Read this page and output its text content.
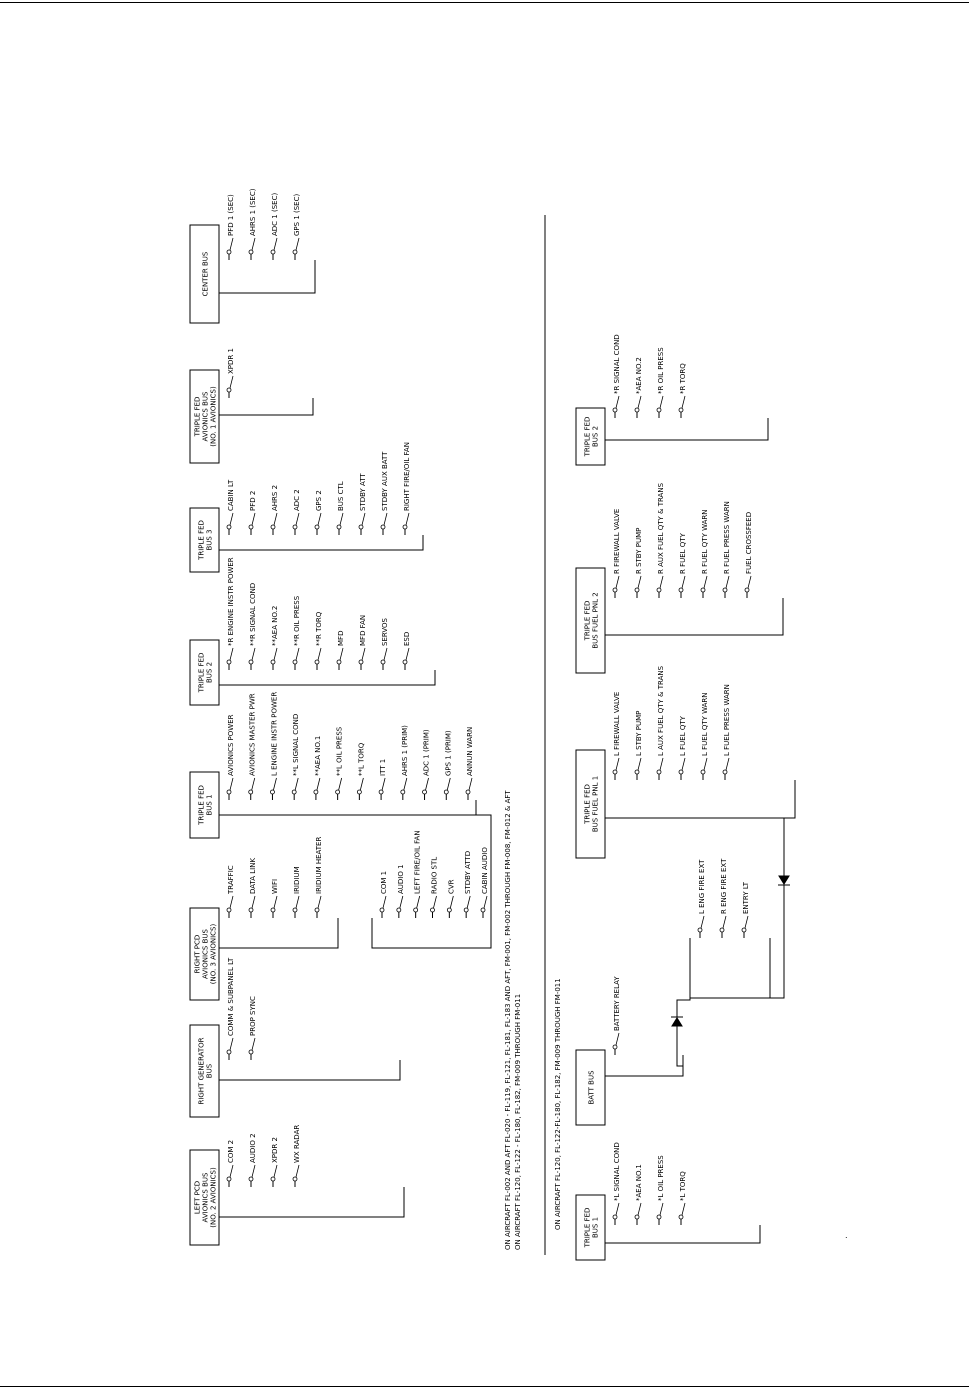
LEFT PCD AVIONICS BUS (NO. 2 AVIONICS)
COM 2 AUDIO 2 XPDR 2 WX RADAR
RIGHT GENERATOR BUS
COMM & SUBPANEL LT PROP SYNC
RIGHT PCD AVIONICS BUS (NO. 3 AVIONICS)
TRAFFIC DATA LINK WIFI IRIDIUM IRIDIUM HEATER	COM 1 AUDIO 1 LEFT FIRE/OIL FAN RADIO STL CVR STDBY ATTD CABIN AUDIO
TRIPLE FED BUS 1
AVIONICS POWER AVIONICS MASTER PWR L ENGINE INSTR POWER **L SIGNAL COND **AEA NO.1 **L OIL PRESS **L TORQ ITT 1 AHRS 1 (PRIM) ADC 1 (PRIM) GPS 1 (PRIM) ANNUN WARN
TRIPLE FED BUS 2
*R ENGINE INSTR POWER **R SIGNAL COND **AEA NO.2 **R OIL PRESS **R TORQ MFD MFD FAN SERVOS ESD
TRIPLE FED BUS 3
CABIN LT PFD 2 AHRS 2 ADC 2 GPS 2 BUS CTL STDBY ATT STDBY AUX BATT RIGHT FIRE/OIL FAN
TRIPLE FED AVIONICS BUS (NO. 1 AVIONICS)
XPDR 1
CENTER BUS
PFD 1 (SEC) AHRS 1 (SEC) ADC 1 (SEC) GPS 1 (SEC)
TRIPLE FED BUS 1
*L SIGNAL COND *AEA NO.1 *L OIL PRESS *L TORQ
BATT BUS
BATTERY RELAY
L ENG FIRE EXT R ENG FIRE EXT ENTRY LT
TRIPLE FED BUS FUEL PNL 1
L FIREWALL VALVE L STBY PUMP L AUX FUEL QTY & TRANS L FUEL QTY L FUEL QTY WARN L FUEL PRESS WARN
TRIPLE FED BUS FUEL PNL 2
R FIREWALL VALVE R STBY PUMP R AUX FUEL QTY & TRANS R FUEL QTY R FUEL QTY WARN R FUEL PRESS WARN FUEL CROSSFEED
TRIPLE FED BUS 2
*R SIGNAL COND *AEA NO.2 *R OIL PRESS *R TORQ
ON AIRCRAFT FL-002 AND AFT FL-020 - FL-119, FL-121, FL-181, FL-183 AND AFT, FM-001, FM-002 THROUGH FM-008, FM-012 & AFT ON AIRCRAFT FL-120, FL-122 - FL-180, FL-182, FM-009 THROUGH FM-011	ON AIRCRAFT FL-120, FL-122-FL-180, FL-182, FM-009 THROUGH FM-011
.
